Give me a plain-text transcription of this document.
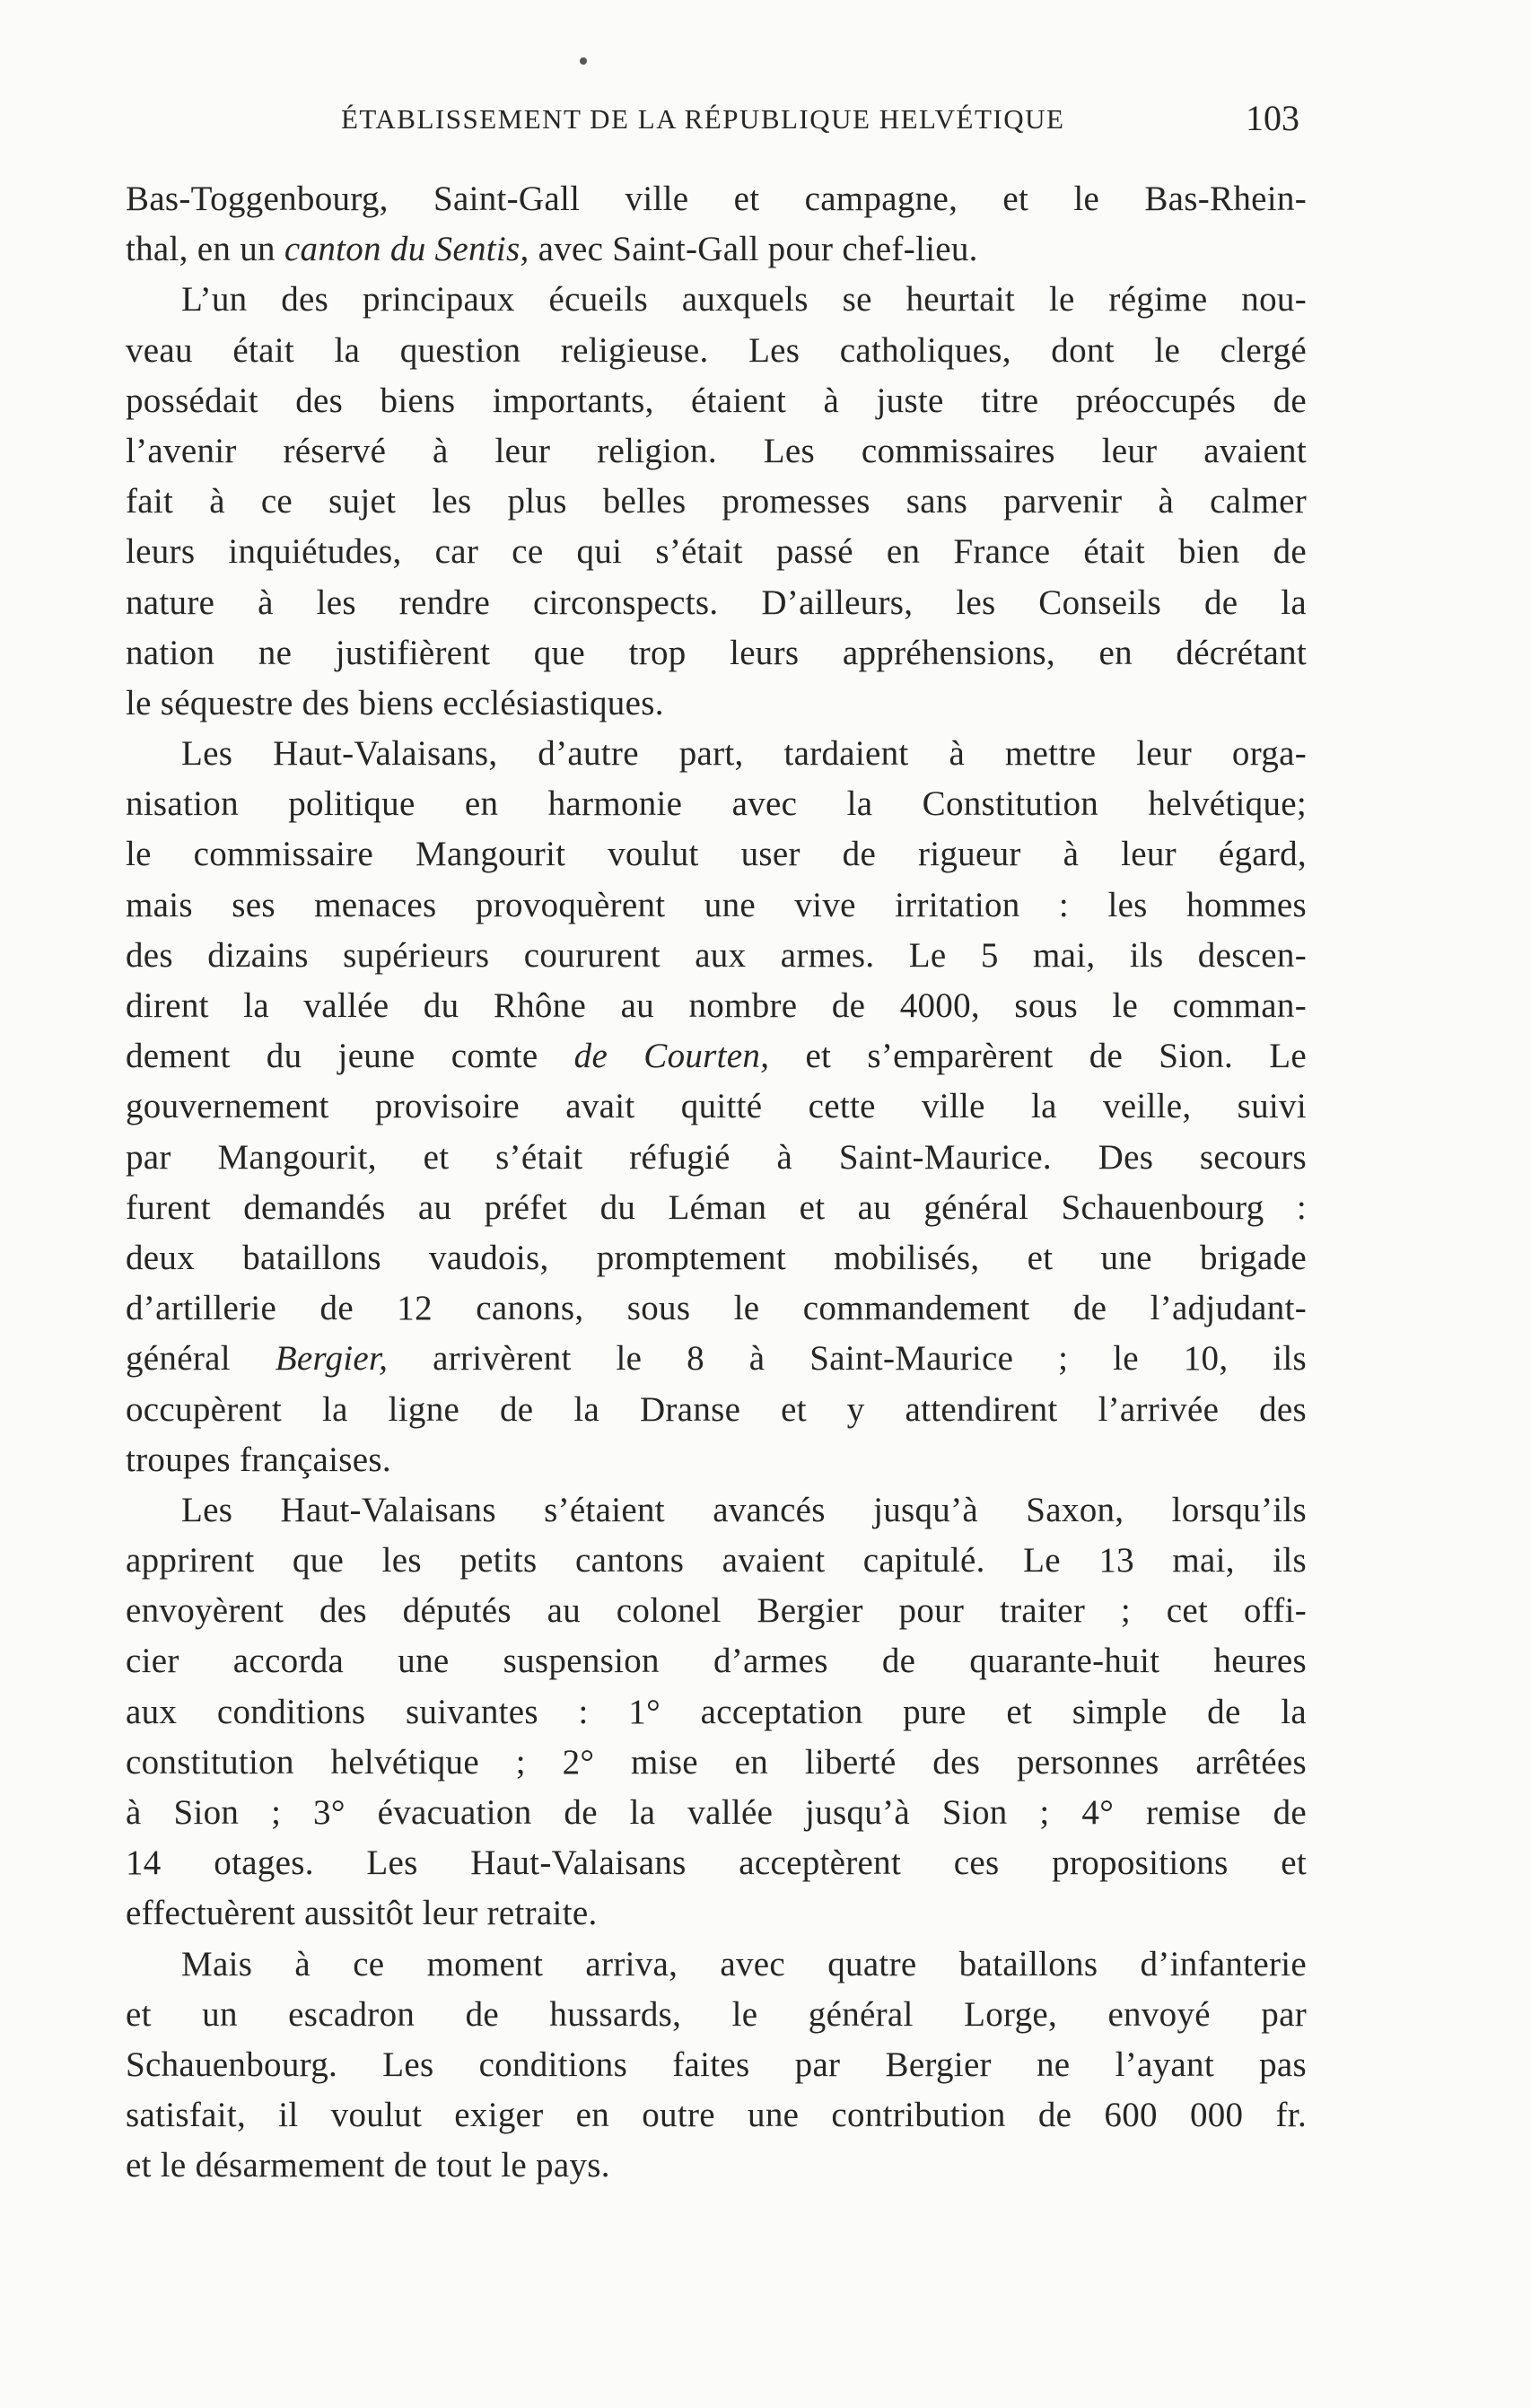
ÉTABLISSEMENT DE LA RÉPUBLIQUE HELVÉTIQUE	103
Bas-Toggenbourg, Saint-Gall ville et campagne, et le Bas-Rhein-
thal, en un canton du Sentis, avec Saint-Gall pour chef-lieu.
L’un des principaux écueils auxquels se heurtait le régime nou-
veau était la question religieuse. Les catholiques, dont le clergé
possédait des biens importants, étaient à juste titre préoccupés de
l’avenir réservé à leur religion. Les commissaires leur avaient
fait à ce sujet les plus belles promesses sans parvenir à calmer
leurs inquiétudes, car ce qui s’était passé en France était bien de
nature à les rendre circonspects. D’ailleurs, les Conseils de la
nation ne justifièrent que trop leurs appréhensions, en décrétant
le séquestre des biens ecclésiastiques.
Les Haut-Valaisans, d’autre part, tardaient à mettre leur orga-
nisation politique en harmonie avec la Constitution helvétique;
le commissaire Mangourit voulut user de rigueur à leur égard,
mais ses menaces provoquèrent une vive irritation : les hommes
des dizains supérieurs coururent aux armes. Le 5 mai, ils descen-
dirent la vallée du Rhône au nombre de 4000, sous le comman-
dement du jeune comte de Courten, et s’emparèrent de Sion. Le
gouvernement provisoire avait quitté cette ville la veille, suivi
par Mangourit, et s’était réfugié à Saint-Maurice. Des secours
furent demandés au préfet du Léman et au général Schauenbourg :
deux bataillons vaudois, promptement mobilisés, et une brigade
d’artillerie de 12 canons, sous le commandement de l’adjudant-
général Bergier, arrivèrent le 8 à Saint-Maurice ; le 10, ils
occupèrent la ligne de la Dranse et y attendirent l’arrivée des
troupes françaises.
Les Haut-Valaisans s’étaient avancés jusqu’à Saxon, lorsqu’ils
apprirent que les petits cantons avaient capitulé. Le 13 mai, ils
envoyèrent des députés au colonel Bergier pour traiter ; cet offi-
cier accorda une suspension d’armes de quarante-huit heures
aux conditions suivantes : 1° acceptation pure et simple de la
constitution helvétique ; 2° mise en liberté des personnes arrêtées
à Sion ; 3° évacuation de la vallée jusqu’à Sion ; 4° remise de
14 otages. Les Haut-Valaisans acceptèrent ces propositions et
effectuèrent aussitôt leur retraite.
Mais à ce moment arriva, avec quatre bataillons d’infanterie
et un escadron de hussards, le général Lorge, envoyé par
Schauenbourg. Les conditions faites par Bergier ne l’ayant pas
satisfait, il voulut exiger en outre une contribution de 600 000 fr.
et le désarmement de tout le pays.
